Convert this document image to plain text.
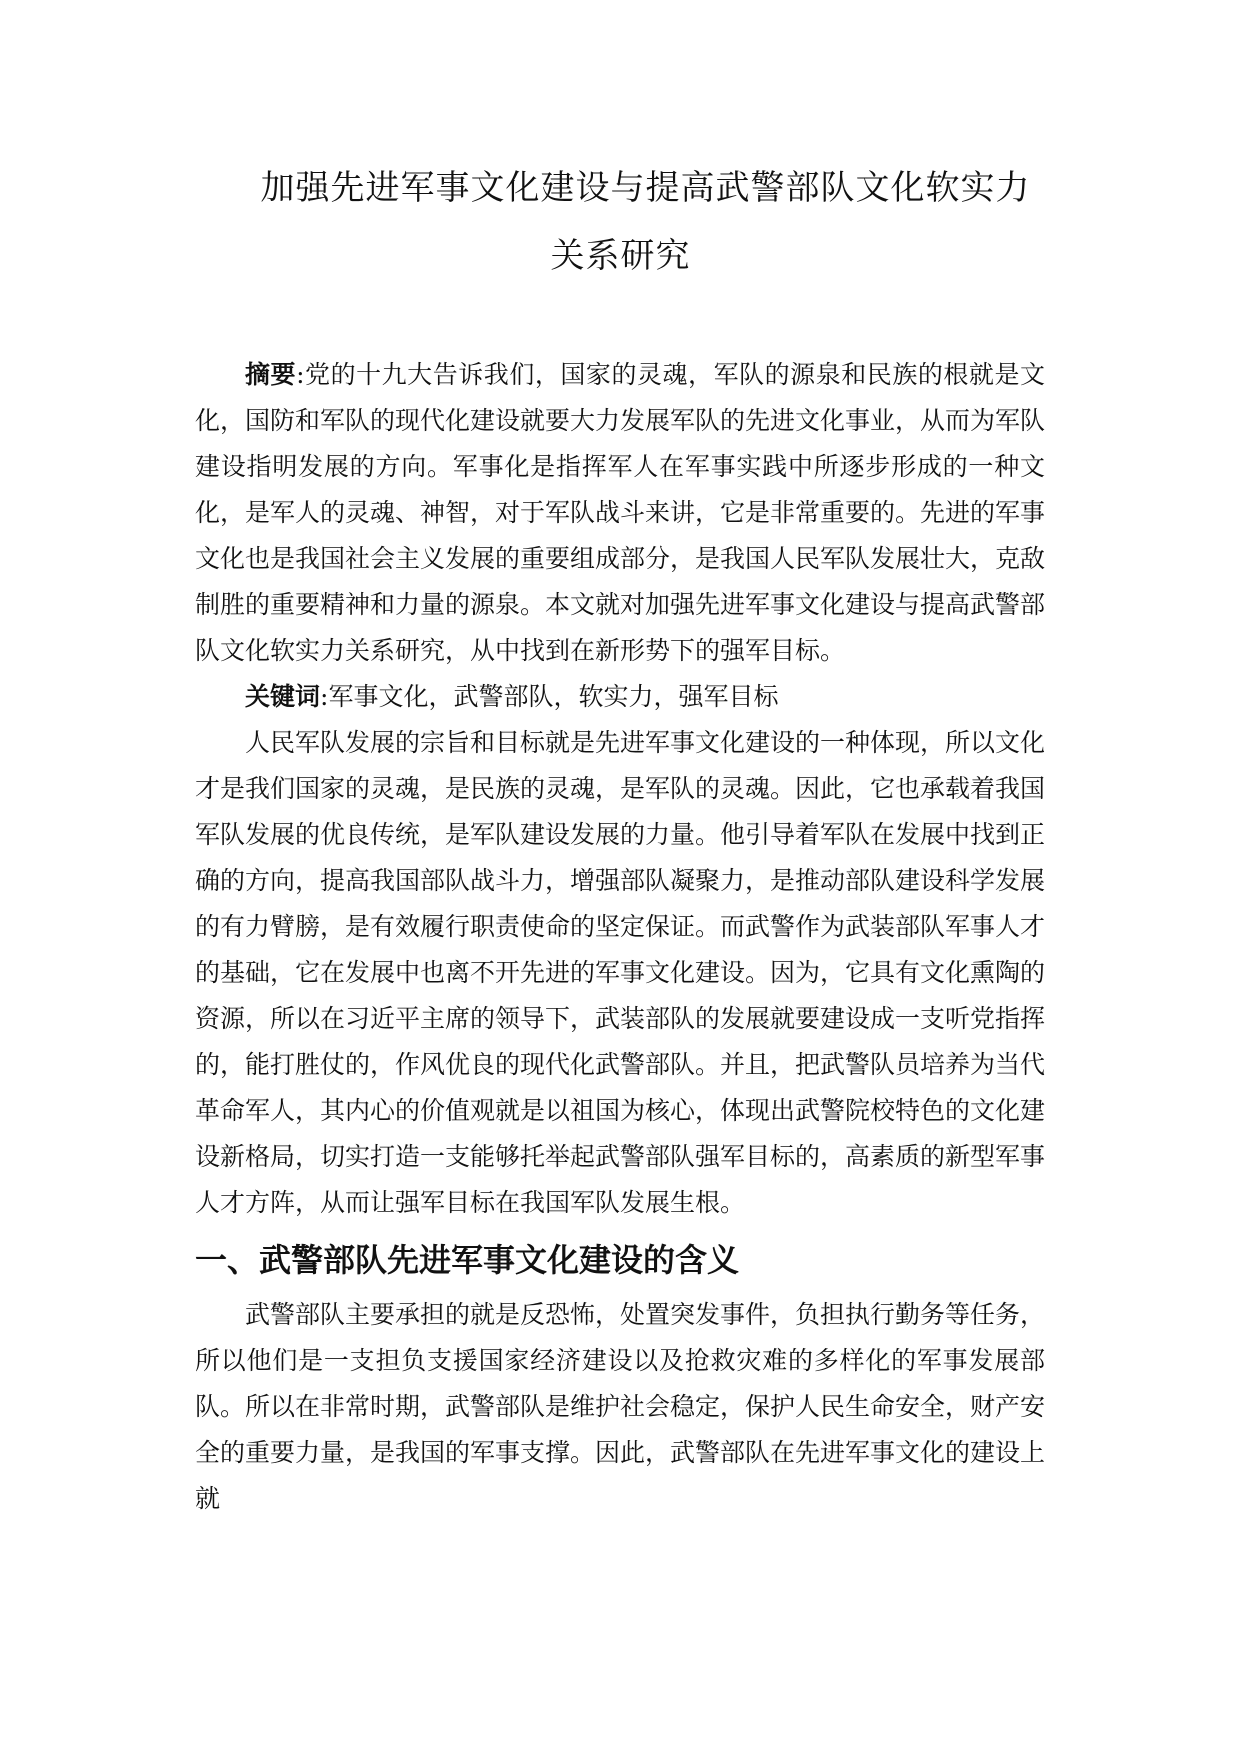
加强先进军事文化建设与提高武警部队文化软实力
关系研究

摘要:党的十九大告诉我们，国家的灵魂，军队的源泉和民族的根就是文化，国防和军队的现代化建设就要大力发展军队的先进文化事业，从而为军队建设指明发展的方向。军事化是指挥军人在军事实践中所逐步形成的一种文化，是军人的灵魂、神智，对于军队战斗来讲，它是非常重要的。先进的军事文化也是我国社会主义发展的重要组成部分，是我国人民军队发展壮大，克敌制胜的重要精神和力量的源泉。本文就对加强先进军事文化建设与提高武警部队文化软实力关系研究，从中找到在新形势下的强军目标。

关键词:军事文化，武警部队，软实力，强军目标

人民军队发展的宗旨和目标就是先进军事文化建设的一种体现，所以文化才是我们国家的灵魂，是民族的灵魂，是军队的灵魂。因此，它也承载着我国军队发展的优良传统，是军队建设发展的力量。他引导着军队在发展中找到正确的方向，提高我国部队战斗力，增强部队凝聚力，是推动部队建设科学发展的有力臂膀，是有效履行职责使命的坚定保证。而武警作为武装部队军事人才的基础，它在发展中也离不开先进的军事文化建设。因为，它具有文化熏陶的资源，所以在习近平主席的领导下，武装部队的发展就要建设成一支听党指挥的，能打胜仗的，作风优良的现代化武警部队。并且，把武警队员培养为当代革命军人，其内心的价值观就是以祖国为核心，体现出武警院校特色的文化建设新格局，切实打造一支能够托举起武警部队强军目标的，高素质的新型军事人才方阵，从而让强军目标在我国军队发展生根。

一、武警部队先进军事文化建设的含义

武警部队主要承担的就是反恐怖，处置突发事件，负担执行勤务等任务，所以他们是一支担负支援国家经济建设以及抢救灾难的多样化的军事发展部队。所以在非常时期，武警部队是维护社会稳定，保护人民生命安全，财产安全的重要力量，是我国的军事支撑。因此，武警部队在先进军事文化的建设上就
